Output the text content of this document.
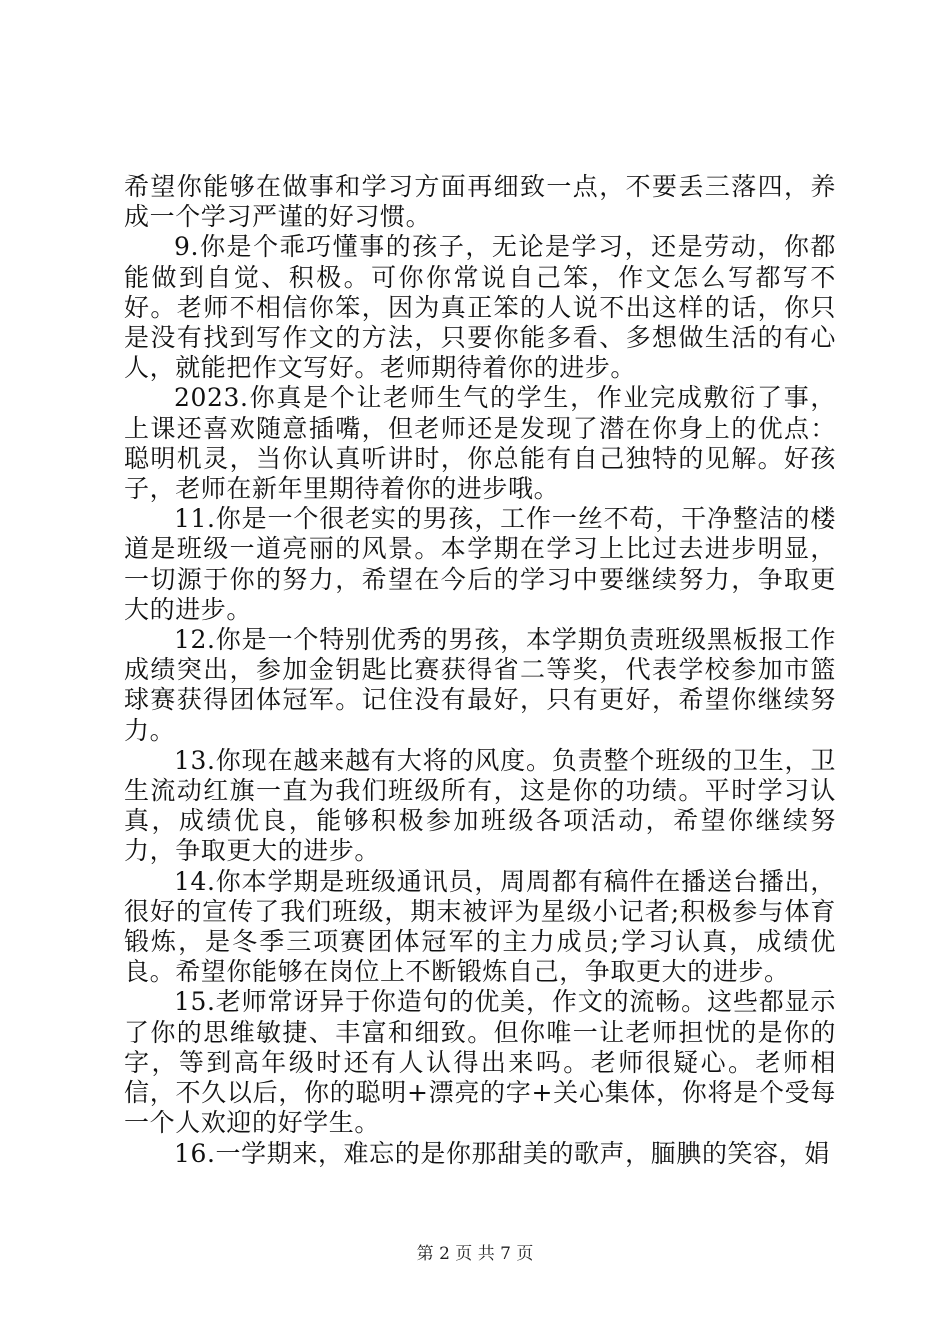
希望你能够在做事和学习方面再细致一点，不要丢三落四，养成一个学习严谨的好习惯。

9.你是个乖巧懂事的孩子，无论是学习，还是劳动，你都能做到自觉、积极。可你你常说自己笨，作文怎么写都写不好。老师不相信你笨，因为真正笨的人说不出这样的话，你只是没有找到写作文的方法，只要你能多看、多想做生活的有心人，就能把作文写好。老师期待着你的进步。

2023.你真是个让老师生气的学生，作业完成敷衍了事，上课还喜欢随意插嘴，但老师还是发现了潜在你身上的优点：聪明机灵，当你认真听讲时，你总能有自己独特的见解。好孩子，老师在新年里期待着你的进步哦。

11.你是一个很老实的男孩，工作一丝不苟，干净整洁的楼道是班级一道亮丽的风景。本学期在学习上比过去进步明显，一切源于你的努力，希望在今后的学习中要继续努力，争取更大的进步。

12.你是一个特别优秀的男孩，本学期负责班级黑板报工作成绩突出，参加金钥匙比赛获得省二等奖，代表学校参加市篮球赛获得团体冠军。记住没有最好，只有更好，希望你继续努力。

13.你现在越来越有大将的风度。负责整个班级的卫生，卫生流动红旗一直为我们班级所有，这是你的功绩。平时学习认真，成绩优良，能够积极参加班级各项活动，希望你继续努力，争取更大的进步。

14.你本学期是班级通讯员，周周都有稿件在播送台播出，很好的宣传了我们班级，期末被评为星级小记者;积极参与体育锻炼，是冬季三项赛团体冠军的主力成员;学习认真，成绩优良。希望你能够在岗位上不断锻炼自己，争取更大的进步。

15.老师常讶异于你造句的优美，作文的流畅。这些都显示了你的思维敏捷、丰富和细致。但你唯一让老师担忧的是你的字，等到高年级时还有人认得出来吗。老师很疑心。老师相信，不久以后，你的聪明+漂亮的字+关心集体，你将是个受每一个人欢迎的好学生。

16.一学期来，难忘的是你那甜美的歌声，腼腆的笑容，娟

第 2 页 共 7 页
